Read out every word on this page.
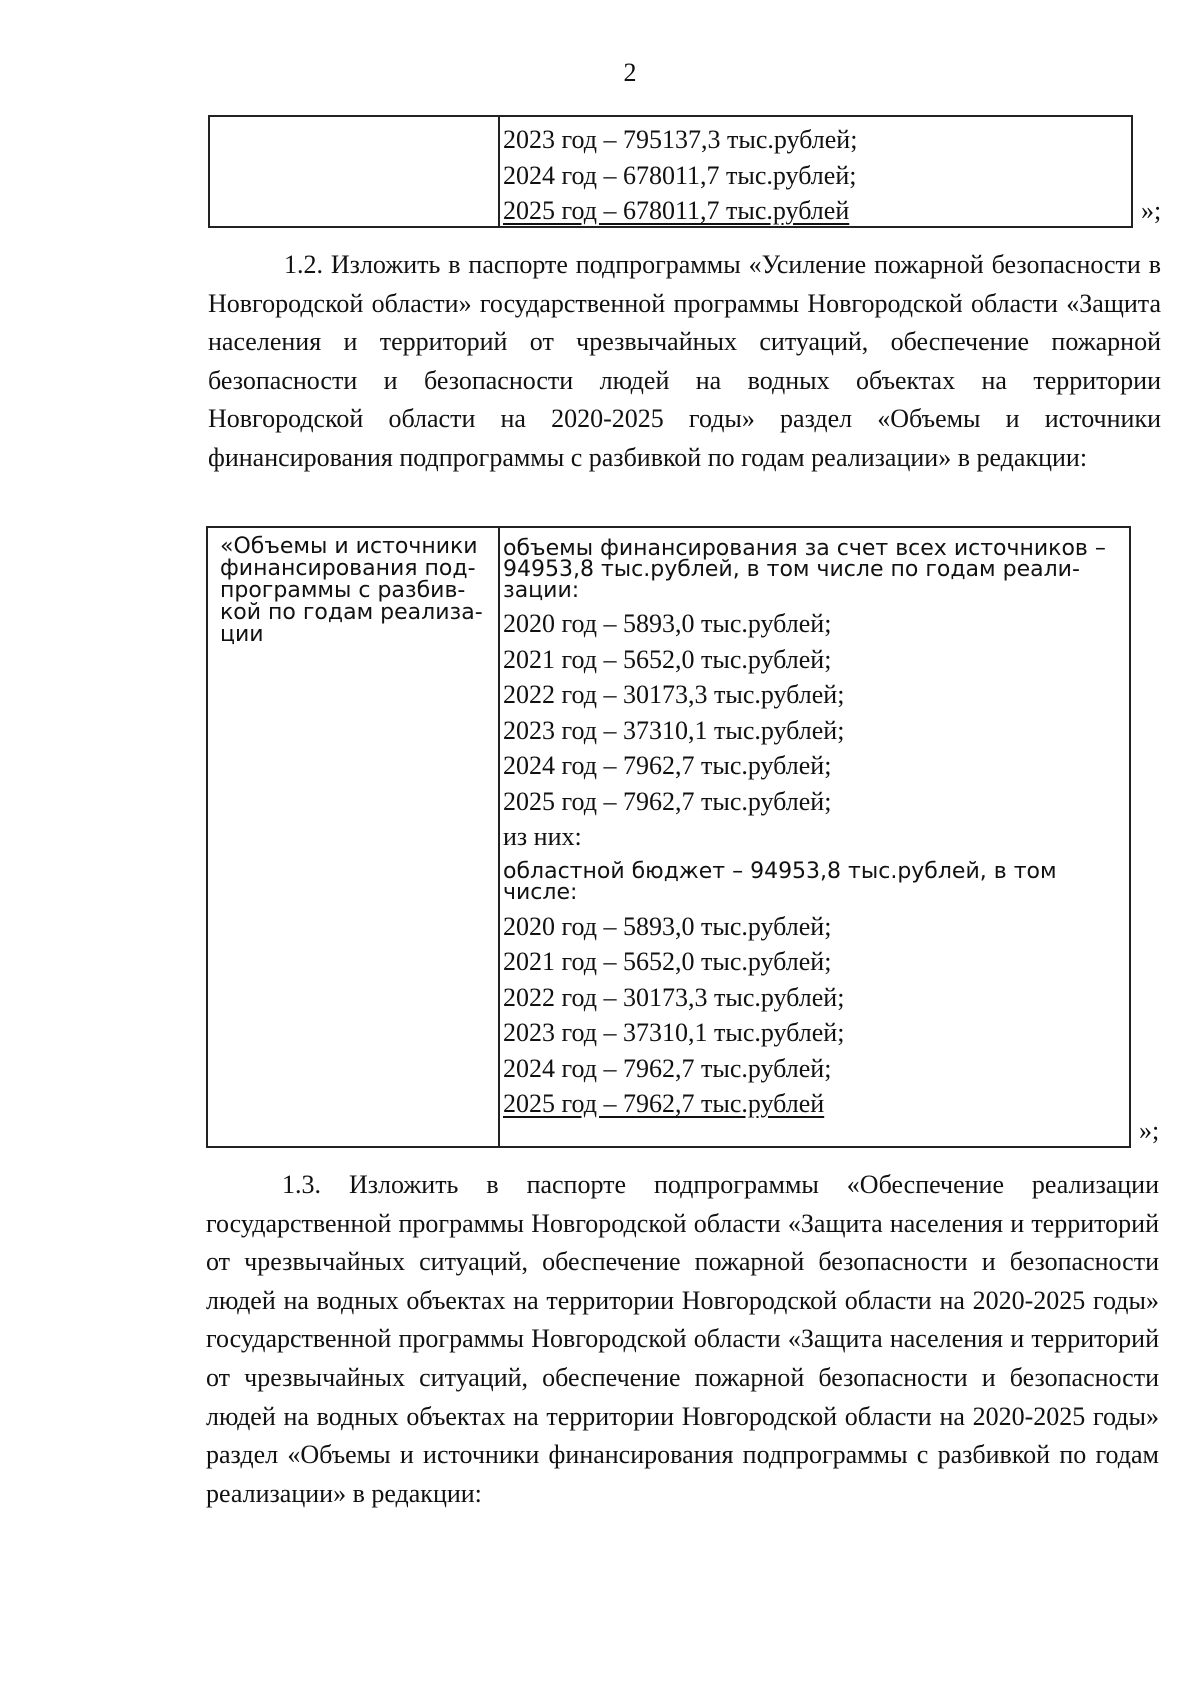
2
2023 год – 795137,3 тыс.рублей;
2024 год – 678011,7 тыс.рублей;
2025 год – 678011,7 тыс.рублей	»;
1.2. Изложить в паспорте подпрограммы «Усиление пожарной безопасности в Новгородской области» государственной программы Новгородской области «Защита населения и территорий от чрезвычайных ситуаций, обеспечение пожарной безопасности и безопасности людей на водных объектах на территории Новгородской области на 2020-2025 годы» раздел «Объемы и источники финансирования подпрограммы с разбивкой по годам реализации» в редакции:
«Объемы и источники финансирования под-программы с разбив-кой по годам реализа-ции
объемы финансирования за счет всех источников – 94953,8 тыс.рублей, в том числе по годам реали-зации:
2020 год – 5893,0 тыс.рублей;
2021 год – 5652,0 тыс.рублей;
2022 год – 30173,3 тыс.рублей;
2023 год – 37310,1 тыс.рублей;
2024 год – 7962,7 тыс.рублей;
2025 год – 7962,7 тыс.рублей;
из них:
областной бюджет – 94953,8 тыс.рублей, в том числе:
2020 год – 5893,0 тыс.рублей;
2021 год – 5652,0 тыс.рублей;
2022 год – 30173,3 тыс.рублей;
2023 год – 37310,1 тыс.рублей;
2024 год – 7962,7 тыс.рублей;
2025 год – 7962,7 тыс.рублей
»;
1.3. Изложить в паспорте подпрограммы «Обеспечение реализации государственной программы Новгородской области «Защита населения и территорий от чрезвычайных ситуаций, обеспечение пожарной безопасности и безопасности людей на водных объектах на территории Новгородской области на 2020-2025 годы» государственной программы Новгородской области «Защита населения и территорий от чрезвычайных ситуаций, обеспечение пожарной безопасности и безопасности людей на водных объектах на территории Новгородской области на 2020-2025 годы» раздел «Объемы и источники финансирования подпрограммы с разбивкой по годам реализации» в редакции:
